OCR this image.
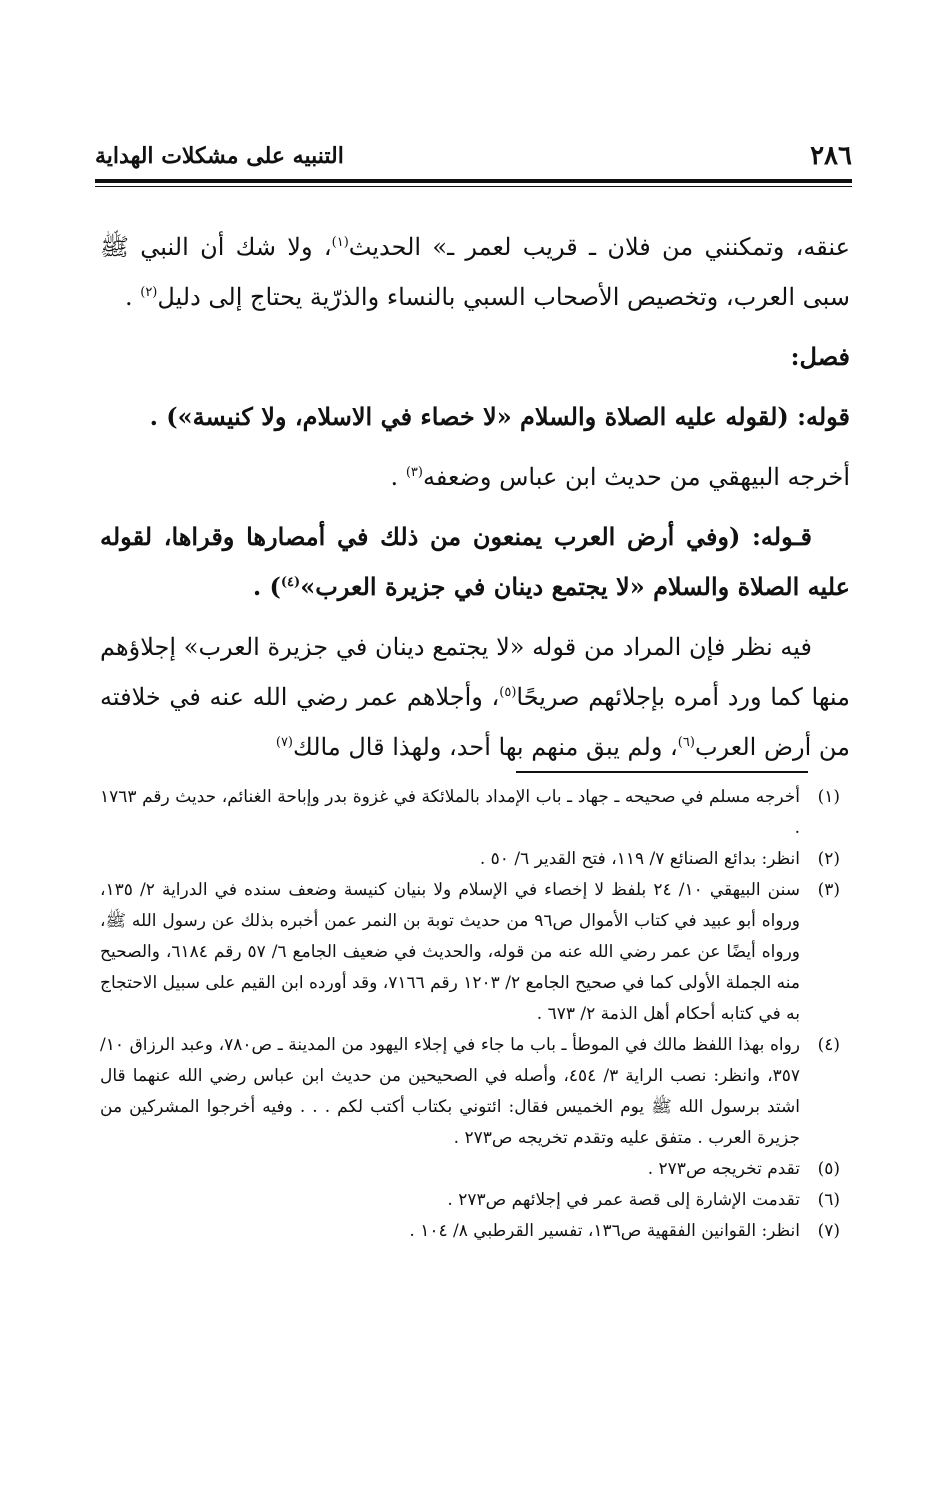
٢٨٦
التنبيه على مشكلات الهداية

عنقه، وتمكنني من فلان ـ قريب لعمر ـ» الحديث$^{(١)}$، ولا شك أن النبي ﷺ سبى العرب، وتخصيص الأصحاب السبي بالنساء والذرّية يحتاج إلى دليل$^{(٢)}$ .

فصل:

قوله: (لقوله عليه الصلاة والسلام «لا خصاء في الاسلام، ولا كنيسة») .

أخرجه البيهقي من حديث ابن عباس وضعفه$^{(٣)}$ .

قـوله: (وفي أرض العرب يمنعون من ذلك في أمصارها وقراها، لقوله عليه الصلاة والسلام «لا يجتمع دينان في جزيرة العرب»$^{(٤)}$) .

فيه نظر فإن المراد من قوله «لا يجتمع دينان في جزيرة العرب» إجلاؤهم منها كما ورد أمره بإجلائهم صريحًا$^{(٥)}$، وأجلاهم عمر رضي الله عنه في خلافته من أرض العرب$^{(٦)}$، ولم يبق منهم بها أحد، ولهذا قال مالك$^{(٧)}$

(١)
أخرجه مسلم في صحيحه ـ جهاد ـ باب الإمداد بالملائكة في غزوة بدر وإباحة الغنائم، حديث رقم ١٧٦٣ .
(٢)
انظر: بدائع الصنائع ٧/ ١١٩، فتح القدير ٦/ ٥٠ .
(٣)
سنن البيهقي ١٠/ ٢٤ بلفظ لا إخصاء في الإسلام ولا بنيان كنيسة وضعف سنده في الدراية ٢/ ١٣٥، ورواه أبو عبيد في كتاب الأموال ص٩٦ من حديث توبة بن النمر عمن أخبره بذلك عن رسول الله ﷺ، ورواه أيضًا عن عمر رضي الله عنه من قوله، والحديث في ضعيف الجامع ٦/ ٥٧ رقم ٦١٨٤، والصحيح منه الجملة الأولى كما في صحيح الجامع ٢/ ١٢٠٣ رقم ٧١٦٦، وقد أورده ابن القيم على سبيل الاحتجاج به في كتابه أحكام أهل الذمة ٢/ ٦٧٣ .
(٤)
رواه بهذا اللفظ مالك في الموطأ ـ باب ما جاء في إجلاء اليهود من المدينة ـ ص٧٨٠، وعبد الرزاق ١٠/ ٣٥٧، وانظر: نصب الراية ٣/ ٤٥٤، وأصله في الصحيحين من حديث ابن عباس رضي الله عنهما قال اشتد برسول الله ﷺ يوم الخميس فقال: ائتوني بكتاب أكتب لكم . . . وفيه أخرجوا المشركين من جزيرة العرب . متفق عليه وتقدم تخريجه ص٢٧٣ .
(٥)
تقدم تخريجه ص٢٧٣ .
(٦)
تقدمت الإشارة إلى قصة عمر في إجلائهم ص٢٧٣ .
(٧)
انظر: القوانين الفقهية ص١٣٦، تفسير القرطبي ٨/ ١٠٤ .
